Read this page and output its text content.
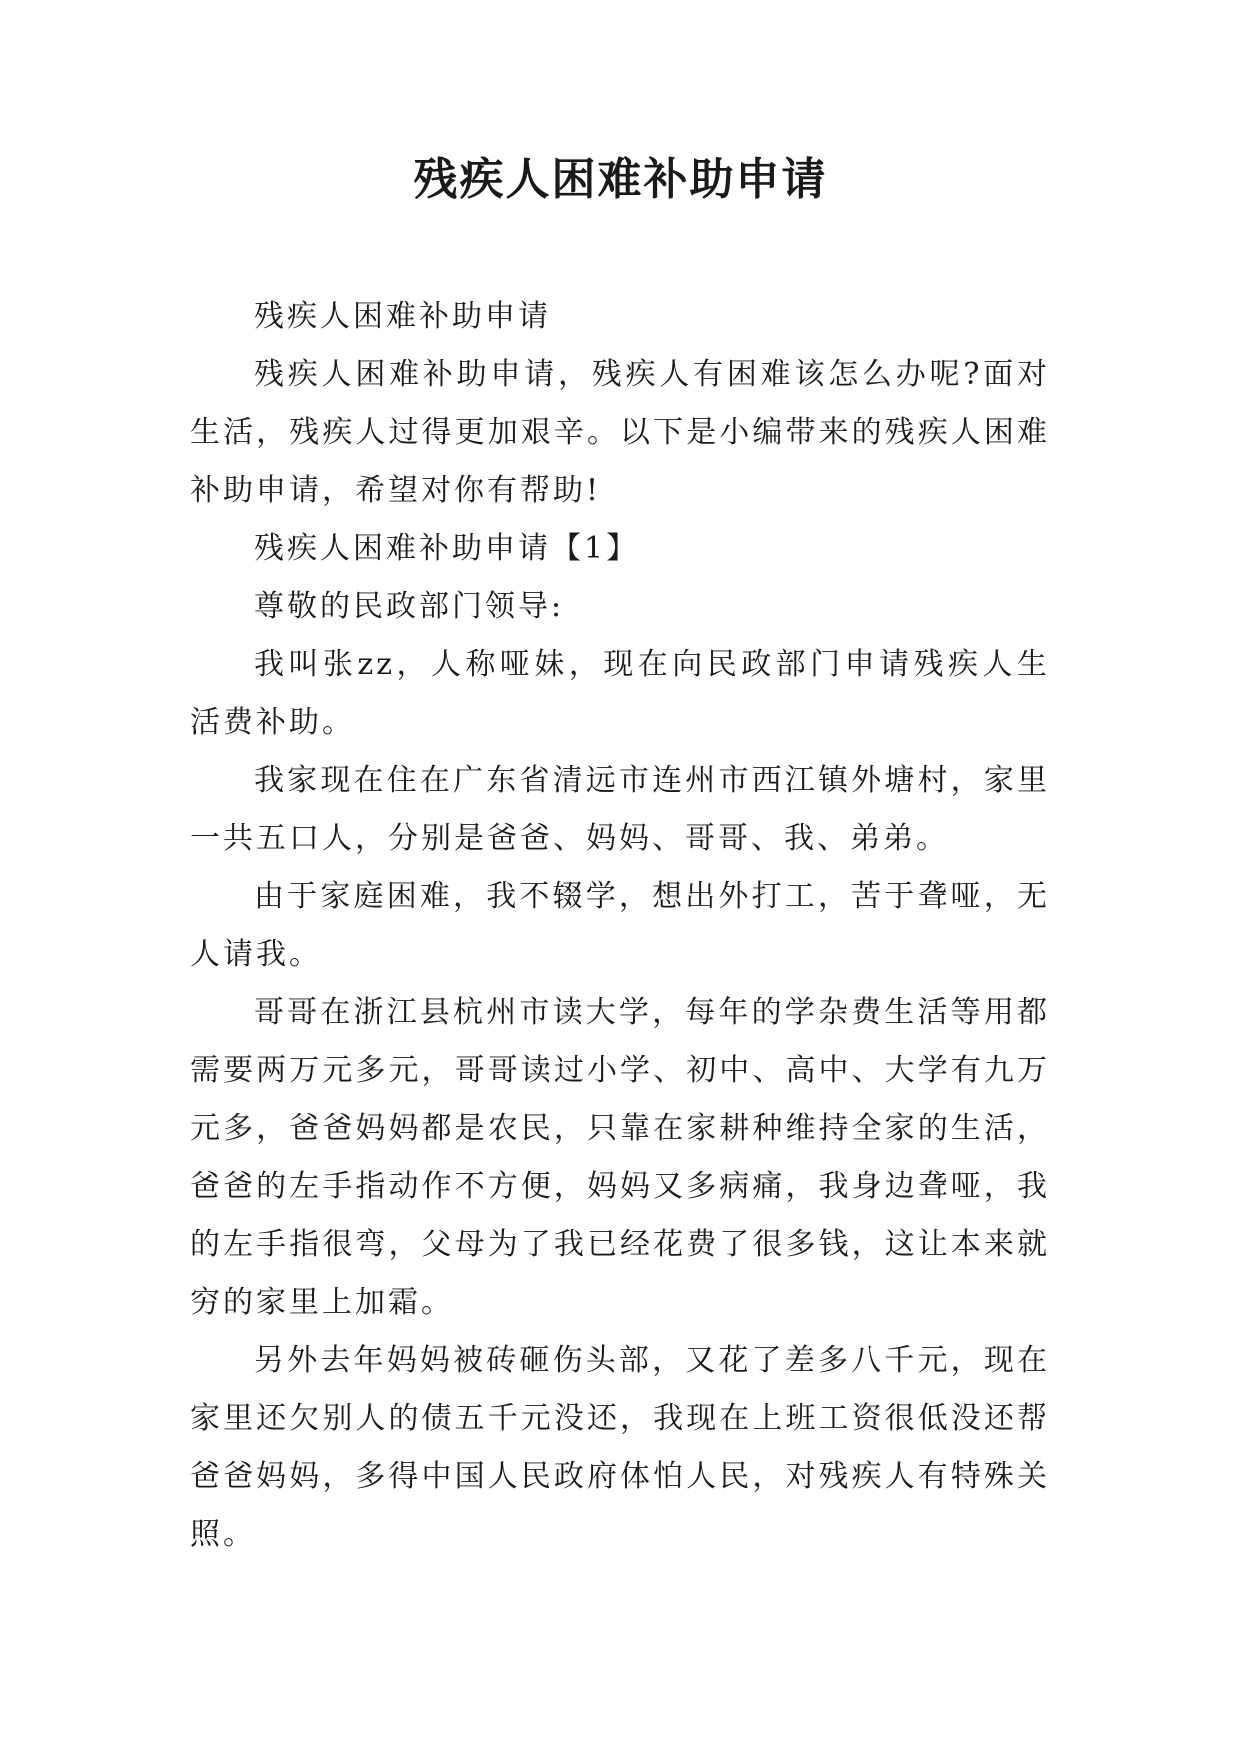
残疾人困难补助申请

残疾人困难补助申请

残疾人困难补助申请，残疾人有困难该怎么办呢?面对生活，残疾人过得更加艰辛。以下是小编带来的残疾人困难补助申请，希望对你有帮助!

残疾人困难补助申请【1】

尊敬的民政部门领导:

我叫张zz，人称哑妹，现在向民政部门申请残疾人生活费补助。

我家现在住在广东省清远市连州市西江镇外塘村，家里一共五口人，分别是爸爸、妈妈、哥哥、我、弟弟。

由于家庭困难，我不辍学，想出外打工，苦于聋哑，无人请我。

哥哥在浙江县杭州市读大学，每年的学杂费生活等用都需要两万元多元，哥哥读过小学、初中、高中、大学有九万元多，爸爸妈妈都是农民，只靠在家耕种维持全家的生活，爸爸的左手指动作不方便，妈妈又多病痛，我身边聋哑，我的左手指很弯，父母为了我已经花费了很多钱，这让本来就穷的家里上加霜。

另外去年妈妈被砖砸伤头部，又花了差多八千元，现在家里还欠别人的债五千元没还，我现在上班工资很低没还帮爸爸妈妈，多得中国人民政府体怕人民，对残疾人有特殊关照。
